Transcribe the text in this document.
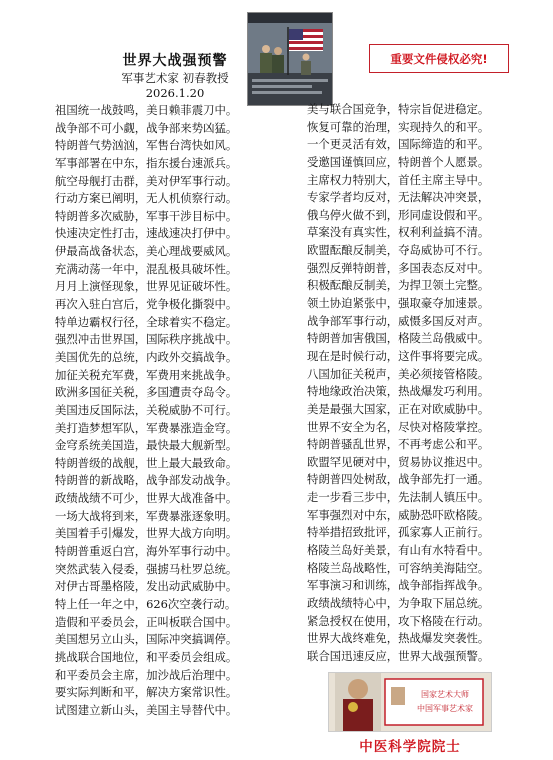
世界大战强预警
军事艺术家 初春教授
2026.1.20
重要文件侵权必究!
祖国统一战鼓鸣，美日赖菲震刀中。
战争部不可小觑，战争部来势凶猛。
特朗普气势汹汹，军售台湾快如风。
军事部署在中东，指东援台速派兵。
航空母舰打击群，美对伊军事行动。
行动方案已阐明，无人机侦察行动。
特朗普多次威胁，军事干涉目标中。
快速决定性打击，速战速决打伊中。
伊最高战备状态，美心理战要威风。
充满动荡一年中，混乱极具破坏性。
月月上演怪现象，世界见证破坏性。
再次入驻白宫后，党争极化撕裂中。
特单边霸权行径，全球着实不稳定。
强烈冲击世界国，国际秩序挑战中。
美国优先的总统，内政外交搞战争。
加征关税充军费，军费用来挑战争。
欧洲多国征关税，多国遭责夺岛令。
美国违反国际法，关税威胁不可行。
美打造梦想军队，军费暴涨造金穹。
金穹系统美国造，最快最大舰新型。
特朗普级的战舰，世上最大最致命。
特朗普的新战略，战争部发动战争。
政绩战绩不可少，世界大战准备中。
一场大战将到来，军费暴涨逐象明。
美国着手引爆发，世界大战方向明。
特朗普重返白宫，海外军事行动中。
突然武装入侵委，强掳马杜罗总统。
对伊古哥墨格陵，发出动武威胁中。
特上任一年之中，626次空袭行动。
造假和平委员会，正叫板联合国中。
美国想另立山头，国际冲突搞调停。
挑战联合国地位，和平委员会组成。
和平委员会主席，加沙战后治理中。
要实际判断和平，解决方案常识性。
试图建立新山头，美国主导替代中。
美与联合国竞争，特宗旨促进稳定。
恢复可靠的治理，实现持久的和平。
一个更灵活有效，国际缔造的和平。
受邀国谨慎回应，特朗普个人愿景。
主席权力特别大，首任主席主导中。
专家学者均反对，无法解决冲突景，
俄乌停火做不到，形同虚设假和平。
草案没有真实性，权利利益搞不清。
欧盟酝酿反制美，夺岛威协可不行。
强烈反弹特朗普，多国表态反对中。
积极酝酿反制美，为捍卫领土完整。
领土协迫紧张中，强取豪夺加速景。
战争部军事行动，威慑多国反对声。
特朗普加害俄国，格陵兰岛俄威中。
现在是时候行动，这件事将要完成。
八国加征关税声，美必须接管格陵。
特地缘政治决策，热战爆发巧利用。
美是最强大国家，正在对欧威胁中。
世界不安全为名，尽快对格陵掌控。
特朗普骚乱世界，不再考虑公和平。
欧盟罕见硬对中，贸易协议推迟中。
特朗普四处树敌，战争部先打一通。
走一步看三步中，先法制人镇压中。
军事强烈对中东，威胁恐吓欧格陵。
特举措招致批评，孤家寡人正前行。
格陵兰岛好美景，有山有水特看中。
格陵兰岛战略性，可容纳美海陆空。
军事演习和训练，战争部指挥战争。
政绩战绩特心中，为争取下届总统。
紧急授权在使用，攻下格陵在行动。
世界大战终难免，热战爆发突袭性。
联合国迅速反应，世界大战强预警。
国家艺术大师
中国军事艺术家
中医科学院院士
